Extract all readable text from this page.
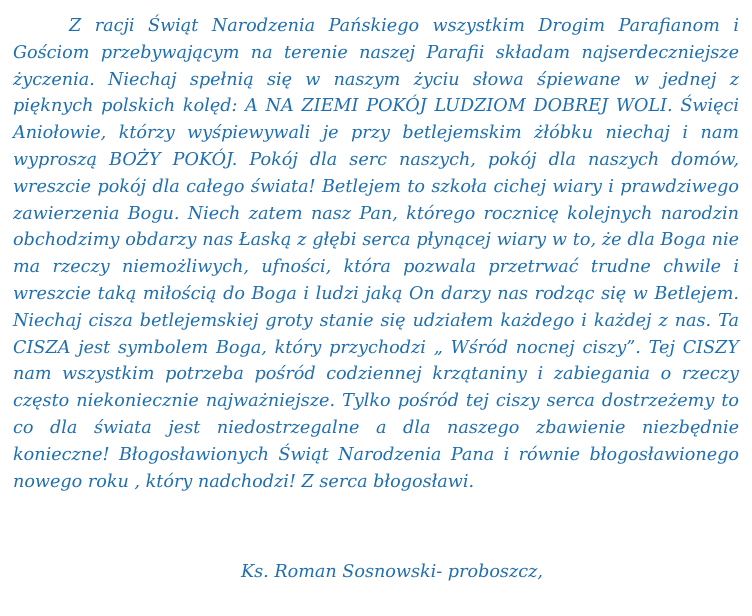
Z racji Świąt Narodzenia Pańskiego wszystkim Drogim Parafianom i Gościom przebywającym na terenie naszej Parafii składam najserdeczniejsze życzenia. Niechaj spełnią się w naszym życiu słowa śpiewane w jednej z pięknych polskich kolęd: A NA ZIEMI POKÓJ LUDZIOM DOBREJ WOLI. Święci Aniołowie, którzy wyśpiewywali je przy betlejemskim żłóbku niechaj i nam wyproszą BOŻY POKÓJ. Pokój dla serc naszych, pokój dla naszych domów, wreszcie pokój dla całego świata! Betlejem to szkoła cichej wiary i prawdziwego zawierzenia Bogu. Niech zatem nasz Pan, którego rocznicę kolejnych narodzin obchodzimy obdarzy nas Łaską z głębi serca płynącej wiary w to, że dla Boga nie ma rzeczy niemożliwych, ufności, która pozwala przetrwać trudne chwile i wreszcie taką miłością do Boga i ludzi jaką On darzy nas rodząc się w Betlejem. Niechaj cisza betlejemskiej groty stanie się udziałem każdego i każdej z nas. Ta CISZA jest symbolem Boga, który przychodzi „ Wśród nocnej ciszy”. Tej CISZY nam wszystkim potrzeba pośród codziennej krzątaniny i zabiegania o rzeczy często niekoniecznie najważniejsze. Tylko pośród tej ciszy serca dostrzeżemy to co dla świata jest niedostrzegalne a dla naszego zbawienie niezbędnie konieczne! Błogosławionych Świąt Narodzenia Pana i równie błogosławionego nowego roku , który nadchodzi! Z serca błogosławi.

Ks. Roman Sosnowski- proboszcz,
